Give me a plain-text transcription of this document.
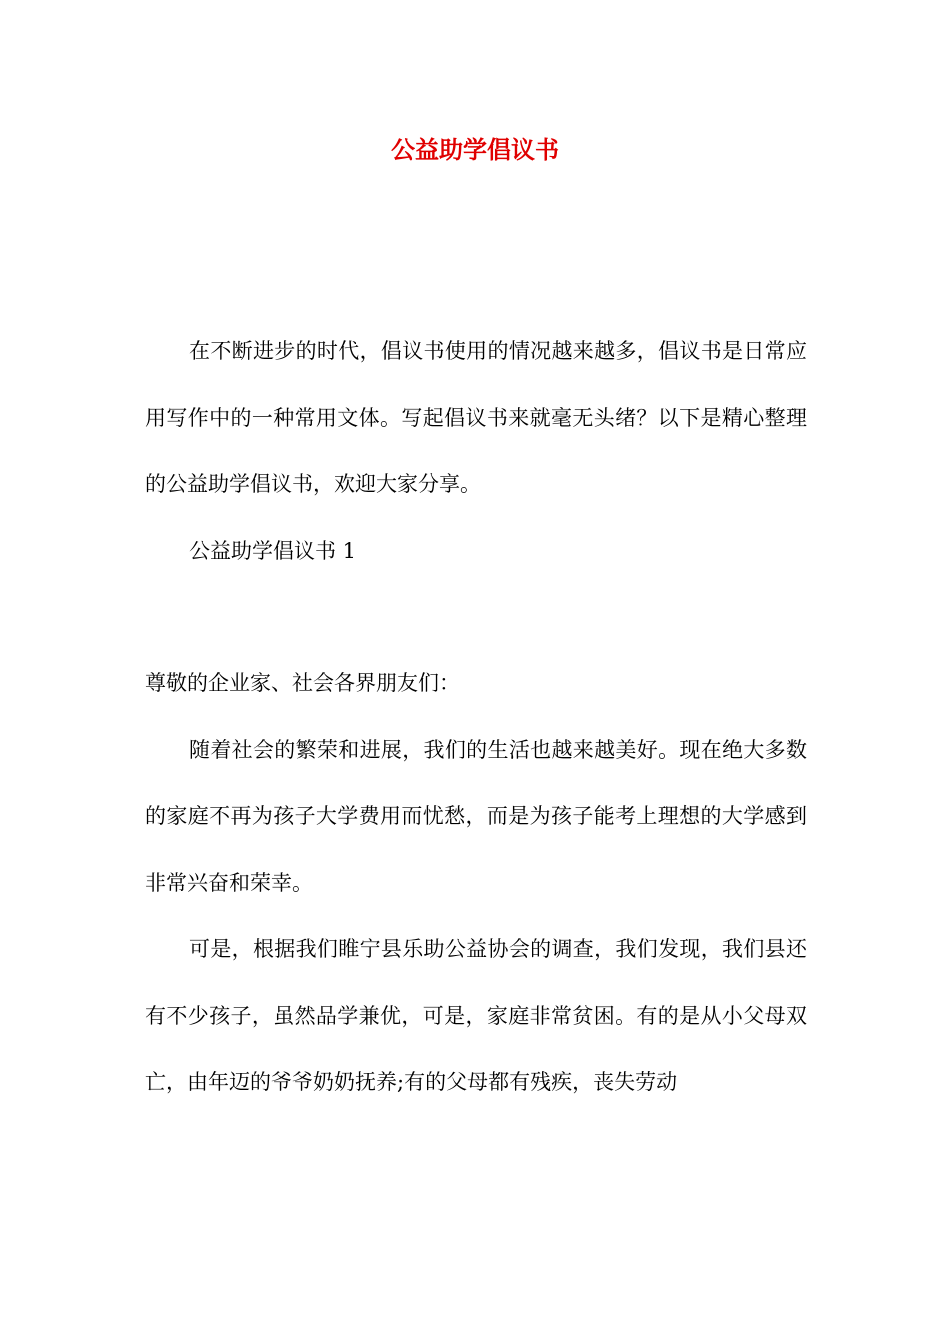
公益助学倡议书

在不断进步的时代，倡议书使用的情况越来越多，倡议书是日常应用写作中的一种常用文体。写起倡议书来就毫无头绪？以下是精心整理的公益助学倡议书，欢迎大家分享。

公益助学倡议书 1

尊敬的企业家、社会各界朋友们：

随着社会的繁荣和进展，我们的生活也越来越美好。现在绝大多数的家庭不再为孩子大学费用而忧愁，而是为孩子能考上理想的大学感到非常兴奋和荣幸。

可是，根据我们睢宁县乐助公益协会的调查，我们发现，我们县还有不少孩子，虽然品学兼优，可是，家庭非常贫困。有的是从小父母双亡，由年迈的爷爷奶奶抚养;有的父母都有残疾，丧失劳动
